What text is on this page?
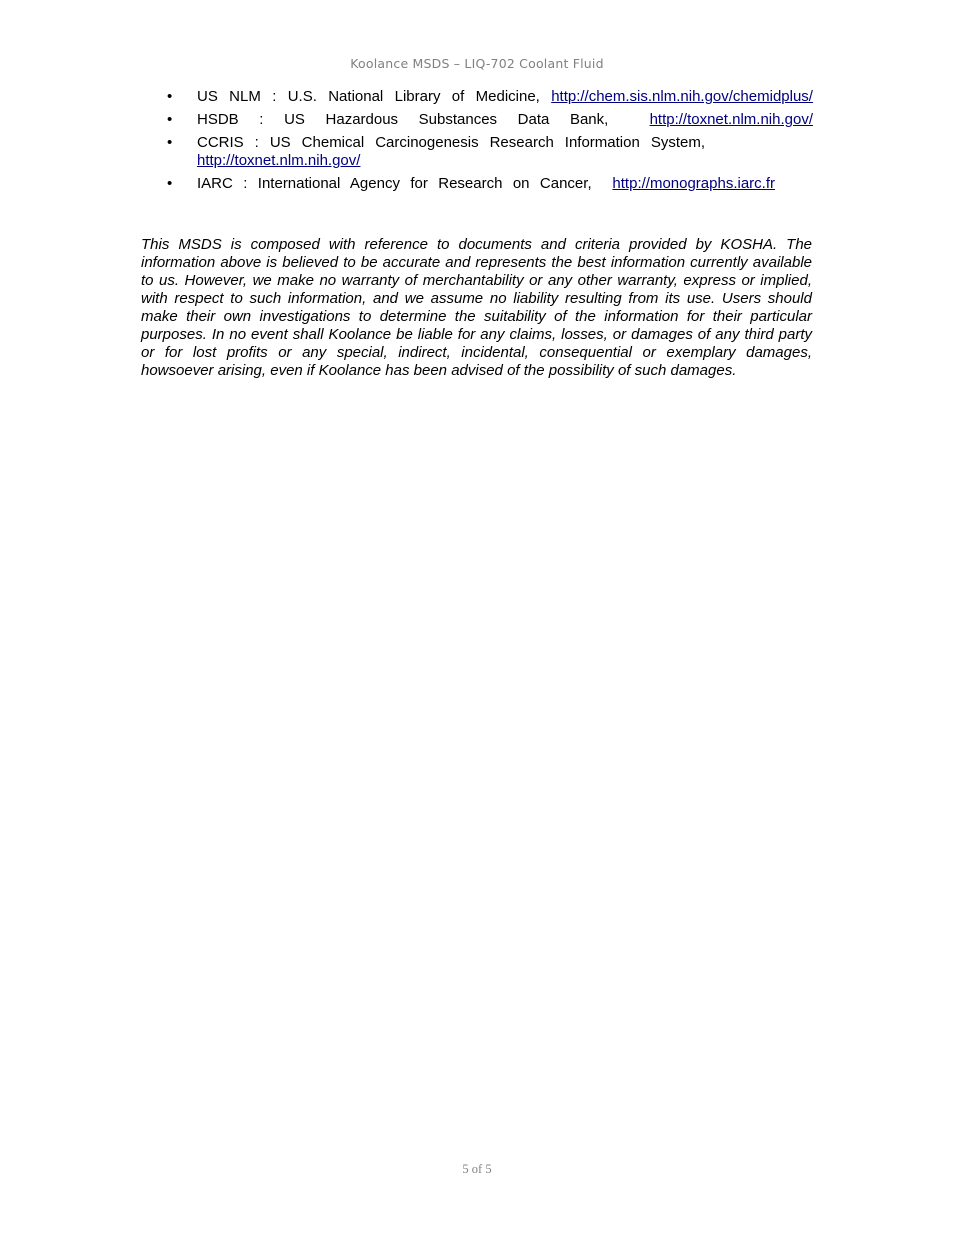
Koolance MSDS – LIQ-702 Coolant Fluid
• US NLM : U.S. National Library of Medicine, http://chem.sis.nlm.nih.gov/chemidplus/
• HSDB : US Hazardous Substances Data Bank,	http://toxnet.nlm.nih.gov/
• CCRIS : US Chemical Carcinogenesis Research Information System,
http://toxnet.nlm.nih.gov/
• IARC : International Agency for Research on Cancer, http://monographs.iarc.fr

This MSDS is composed with reference to documents and criteria provided by KOSHA. The information above is believed to be accurate and represents the best information currently available to us. However, we make no warranty of merchantability or any other warranty, express or implied, with respect to such information, and we assume no liability resulting from its use. Users should make their own investigations to determine the suitability of the information for their particular purposes. In no event shall Koolance be liable for any claims, losses, or damages of any third party or for lost profits or any special, indirect, incidental, consequential or exemplary damages, howsoever arising, even if Koolance has been advised of the possibility of such damages.

5 of 5
